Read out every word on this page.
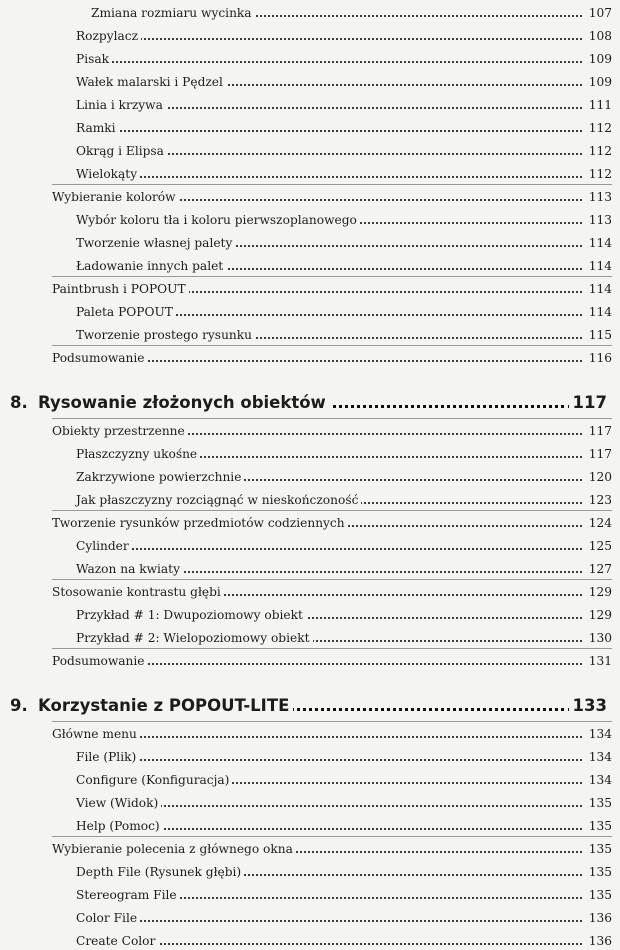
Zmiana rozmiaru wycinka	107
Rozpylacz	108
Pisak	109
Wałek malarski i Pędzel	109
Linia i krzywa	111
Ramki	112
Okrąg i Elipsa	112
Wielokąty	112
Wybieranie kolorów	113
Wybór koloru tła i koloru pierwszoplanowego	113
Tworzenie własnej palety	114
Ładowanie innych palet	114
Paintbrush i POPOUT	114
Paleta POPOUT	114
Tworzenie prostego rysunku	115
Podsumowanie	116
8. Rysowanie złożonych obiektów	117
Obiekty przestrzenne	117
Płaszczyzny ukośne	117
Zakrzywione powierzchnie	120
Jak płaszczyzny rozciągnąć w nieskończoność	123
Tworzenie rysunków przedmiotów codziennych	124
Cylinder	125
Wazon na kwiaty	127
Stosowanie kontrastu głębi	129
Przykład # 1: Dwupoziomowy obiekt	129
Przykład # 2: Wielopoziomowy obiekt	130
Podsumowanie	131
9. Korzystanie z POPOUT-LITE	133
Główne menu	134
File (Plik)	134
Configure (Konfiguracja)	134
View (Widok)	135
Help (Pomoc)	135
Wybieranie polecenia z głównego okna	135
Depth File (Rysunek głębi)	135
Stereogram File	135
Color File	136
Create Color	136
